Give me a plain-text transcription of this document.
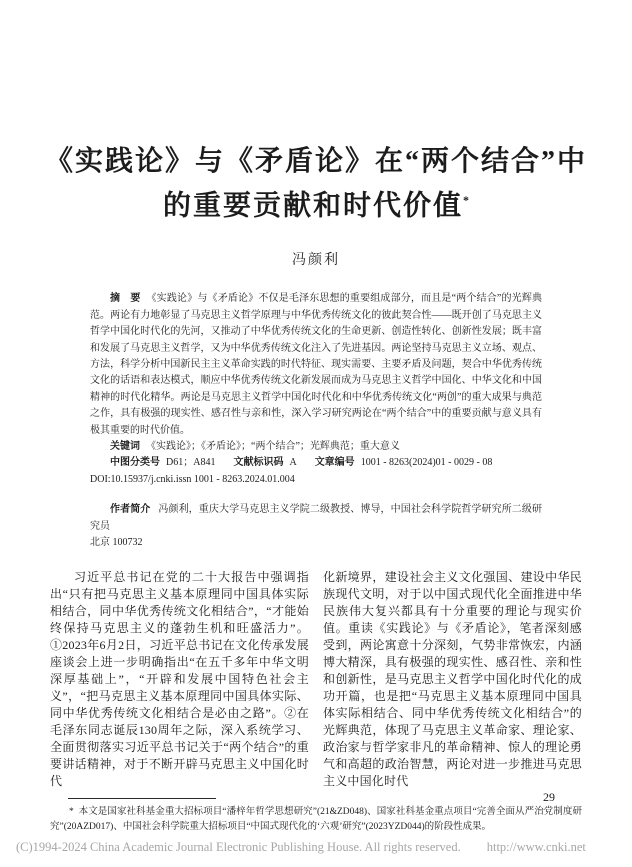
《实践论》与《矛盾论》在“两个结合”中
的重要贡献和时代价值*
冯颜利

摘　要 《实践论》与《矛盾论》不仅是毛泽东思想的重要组成部分，而且是“两个结合”的光辉典范。两论有力地彰显了马克思主义哲学原理与中华优秀传统文化的彼此契合性——既开创了马克思主义哲学中国化时代化的先河，又推动了中华优秀传统文化的生命更新、创造性转化、创新性发展；既丰富和发展了马克思主义哲学，又为中华优秀传统文化注入了先进基因。两论坚持马克思主义立场、观点、方法，科学分析中国新民主主义革命实践的时代特征、现实需要、主要矛盾及问题，契合中华优秀传统文化的话语和表达模式，顺应中华优秀传统文化新发展而成为马克思主义哲学中国化、中华文化和中国精神的时代化精华。两论是马克思主义哲学中国化时代化和中华优秀传统文化“两创”的重大成果与典范之作，具有极强的现实性、感召性与亲和性，深入学习研究两论在“两个结合”中的重要贡献与意义具有极其重要的时代价值。

关键词 《实践论》；《矛盾论》；“两个结合”；光辉典范；重大意义

中图分类号 D61；A841 文献标识码 A 文章编号 1001 - 8263(2024)01 - 0029 - 08

DOI:10.15937/j.cnki.issn 1001 - 8263.2024.01.004

作者简介 冯颜利，重庆大学马克思主义学院二级教授、博导，中国社会科学院哲学研究所二级研究员
北京 100732
习近平总书记在党的二十大报告中强调指出“只有把马克思主义基本原理同中国具体实际相结合，同中华优秀传统文化相结合”，“才能始终保持马克思主义的蓬勃生机和旺盛活力”。①2023年6月2日，习近平总书记在文化传承发展座谈会上进一步明确指出“在五千多年中华文明深厚基础上”，“开辟和发展中国特色社会主义”，“把马克思主义基本原理同中国具体实际、同中华优秀传统文化相结合是必由之路”。②在毛泽东同志诞辰130周年之际，深入系统学习、全面贯彻落实习近平总书记关于“两个结合”的重要讲话精神，对于不断开辟马克思主义中国化时代
化新境界，建设社会主义文化强国、建设中华民族现代文明，对于以中国式现代化全面推进中华民族伟大复兴都具有十分重要的理论与现实价值。重读《实践论》与《矛盾论》，笔者深刻感受到，两论寓意十分深刻，气势非常恢宏，内涵博大精深，具有极强的现实性、感召性、亲和性和创新性，是马克思主义哲学中国化时代化的成功开篇，也是把“马克思主义基本原理同中国具体实际相结合、同中华优秀传统文化相结合”的光辉典范，体现了马克思主义革命家、理论家、政治家与哲学家非凡的革命精神、惊人的理论勇气和高超的政治智慧，两论对进一步推进马克思主义中国化时代

* 本文是国家社科基金重大招标项目“潘梓年哲学思想研究”(21&ZD048)、国家社科基金重点项目“完善全面从严治党制度研究”(20AZD017)、中国社会科学院重大招标项目“中国式现代化的‘六观’研究”(2023YZD044)的阶段性成果。

29
(C)1994-2024 China Academic Journal Electronic Publishing House. All rights reserved. http://www.cnki.net
